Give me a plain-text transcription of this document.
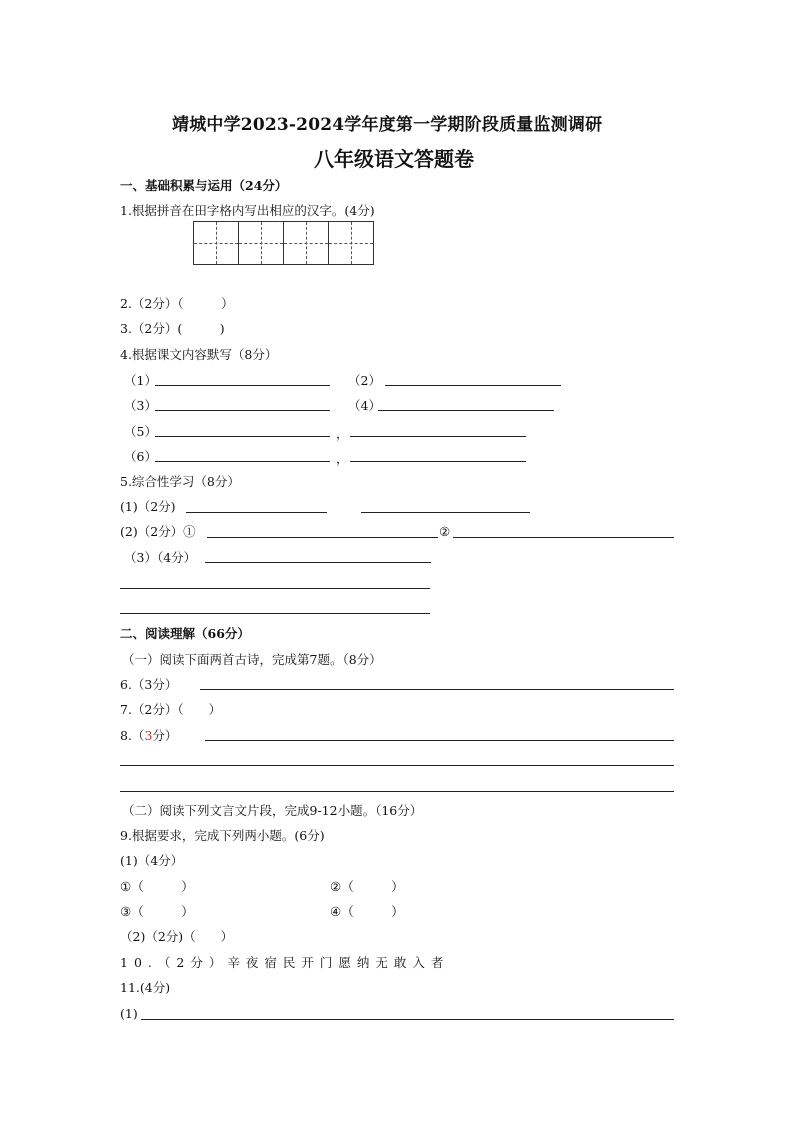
靖城中学2023-2024学年度第一学期阶段质量监测调研
八年级语文答题卷
一、基础积累与运用（24分）
1.根据拼音在田字格内写出相应的汉字。(4分)
2.（2分）（　　　）
3.（2分）(　　　)
4.根据课文内容默写（8分）
（1）	（2）
（3）	（4）
（5）	，
（6）	，
5.综合性学习（8分）
(1)（2分)
(2)（2分）①	②
（3）（4分）
二、阅读理解（66分）
（一）阅读下面两首古诗，完成第7题。（8分）
6.（3分）
7.（2分）（　　）
8.（3分）
（二）阅读下列文言文片段，完成9-12小题。（16分）
9.根据要求，完成下列两小题。(6分)
(1)（4分）
①（　　　）	②（　　　）
③（　　　）	④（　　　）
（2)（2分)（　　）
10.（2分）辛夜宿民开门愿纳无敢入者
11.(4分)
(1)
